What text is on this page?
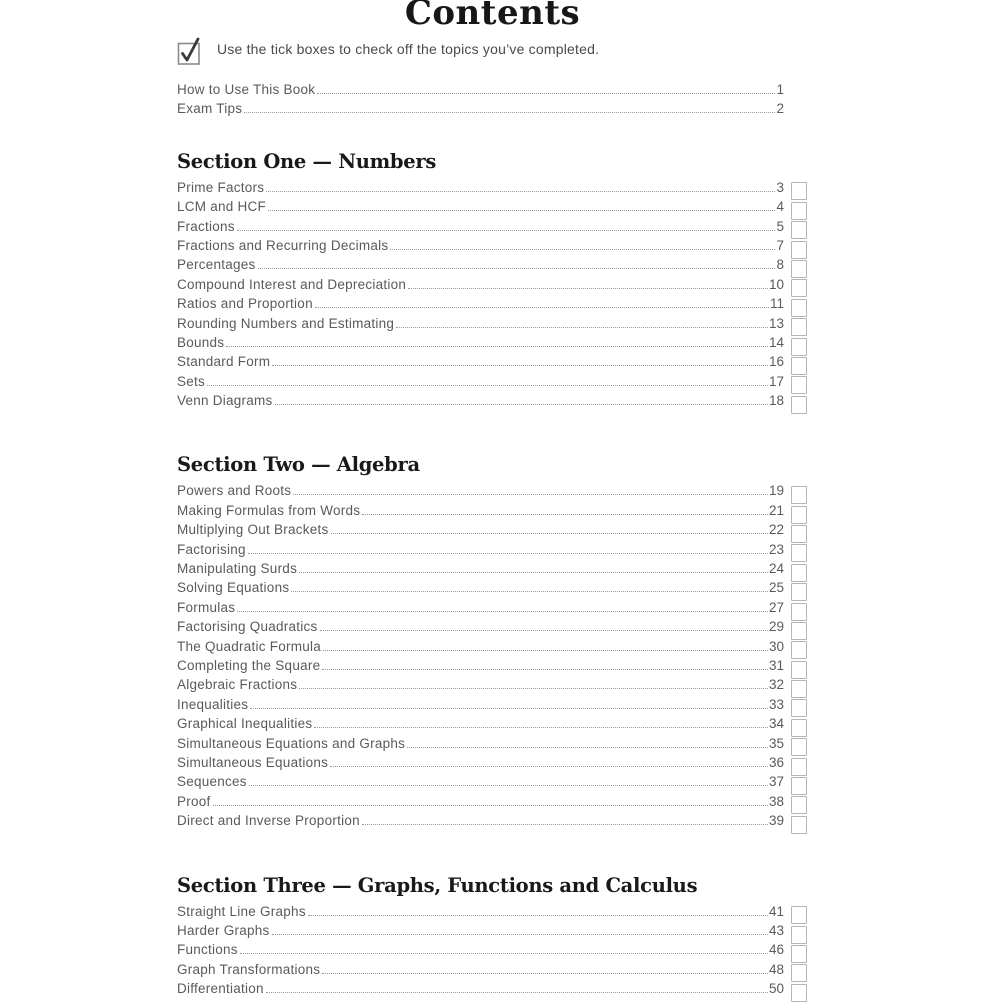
Contents
Use the tick boxes to check off the topics you’ve completed.
How to Use This Book	1
Exam Tips	2
Section One — Numbers
Prime Factors	3
LCM and HCF	4
Fractions	5
Fractions and Recurring Decimals	7
Percentages	8
Compound Interest and Depreciation	10
Ratios and Proportion	11
Rounding Numbers and Estimating	13
Bounds	14
Standard Form	16
Sets	17
Venn Diagrams	18
Section Two — Algebra
Powers and Roots	19
Making Formulas from Words	21
Multiplying Out Brackets	22
Factorising	23
Manipulating Surds	24
Solving Equations	25
Formulas	27
Factorising Quadratics	29
The Quadratic Formula	30
Completing the Square	31
Algebraic Fractions	32
Inequalities	33
Graphical Inequalities	34
Simultaneous Equations and Graphs	35
Simultaneous Equations	36
Sequences	37
Proof	38
Direct and Inverse Proportion	39
Section Three — Graphs, Functions and Calculus
Straight Line Graphs	41
Harder Graphs	43
Functions	46
Graph Transformations	48
Differentiation	50
